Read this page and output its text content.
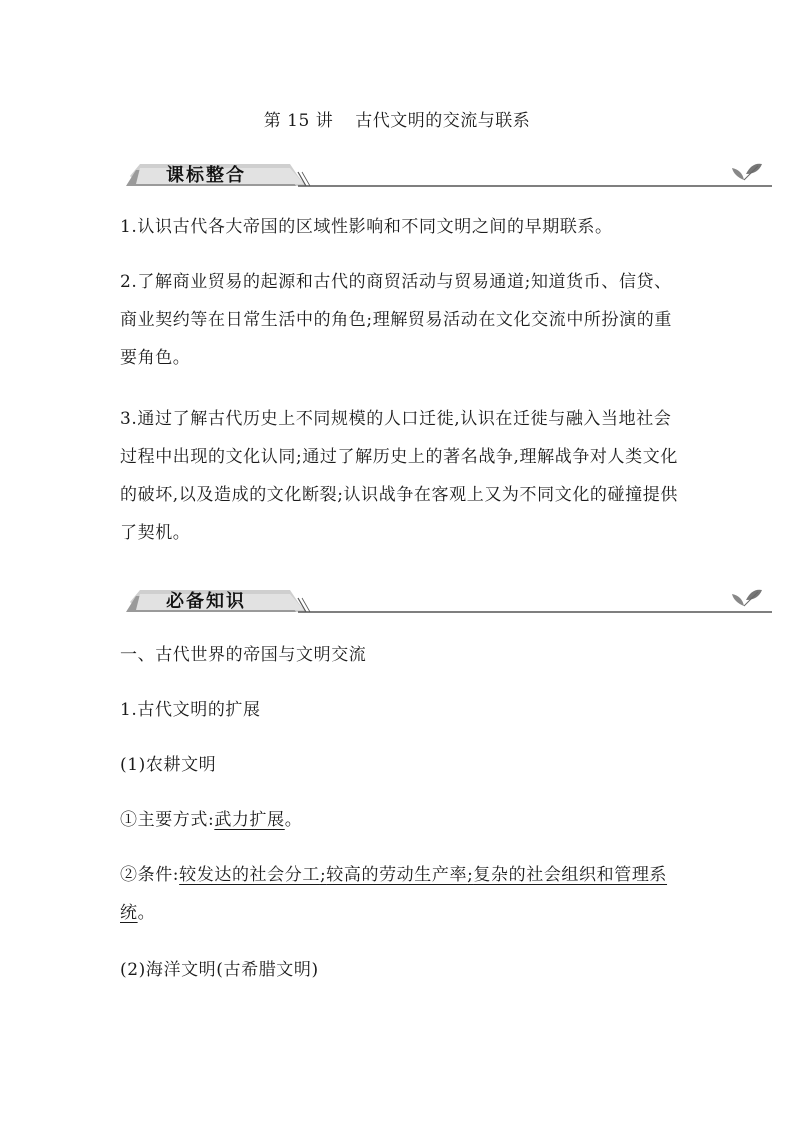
第 15 讲 古代文明的交流与联系
课标整合
1.认识古代各大帝国的区域性影响和不同文明之间的早期联系。
2.了解商业贸易的起源和古代的商贸活动与贸易通道;知道货币、信贷、商业契约等在日常生活中的角色;理解贸易活动在文化交流中所扮演的重要角色。
3.通过了解古代历史上不同规模的人口迁徙,认识在迁徙与融入当地社会过程中出现的文化认同;通过了解历史上的著名战争,理解战争对人类文化的破坏,以及造成的文化断裂;认识战争在客观上又为不同文化的碰撞提供了契机。
必备知识
一、古代世界的帝国与文明交流
1.古代文明的扩展
(1)农耕文明
①主要方式:武力扩展。
②条件:较发达的社会分工;较高的劳动生产率;复杂的社会组织和管理系统。
(2)海洋文明(古希腊文明)
